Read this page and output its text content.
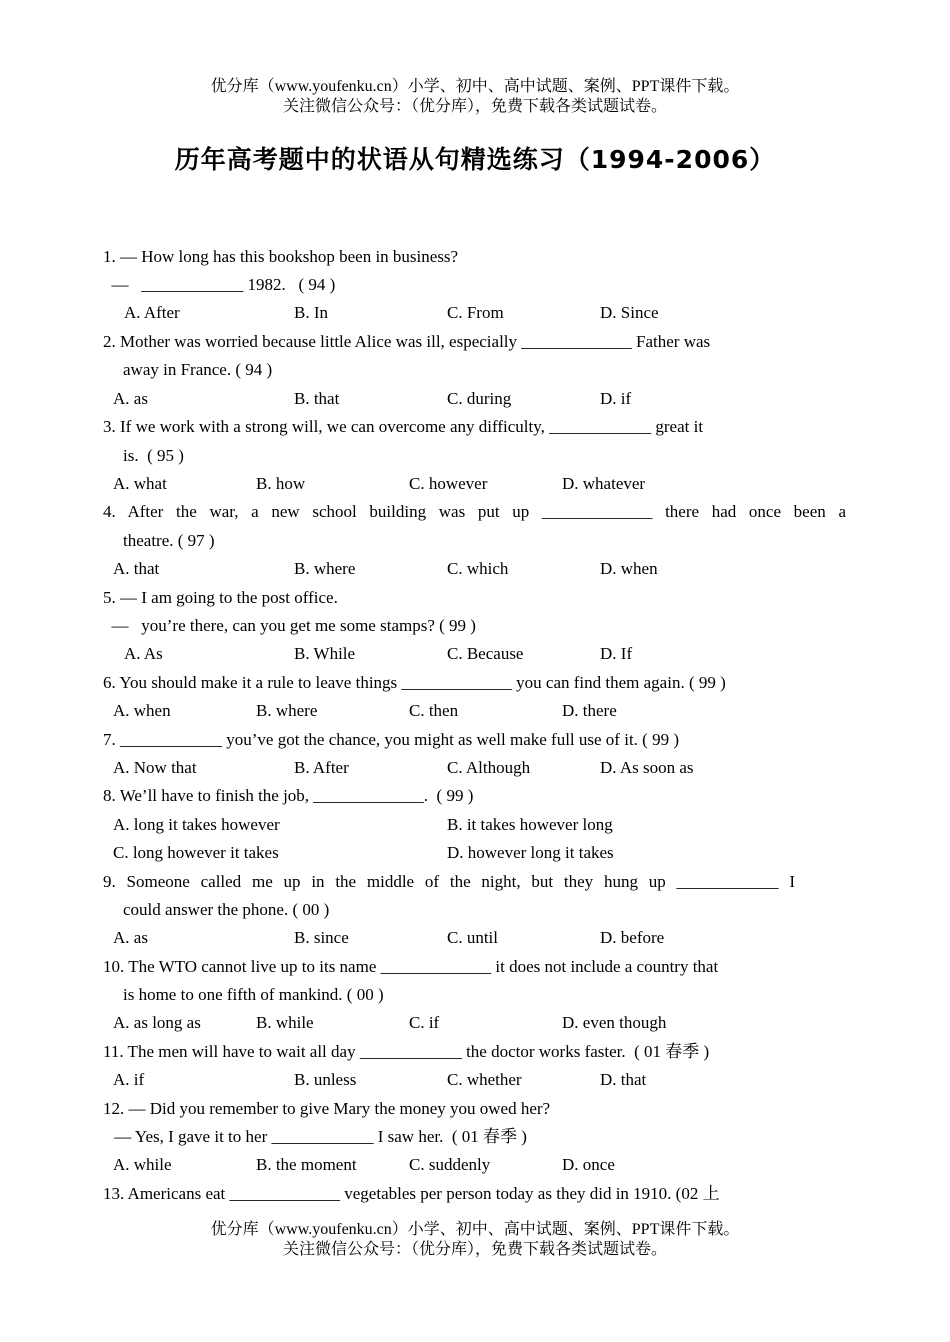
优分库（www.youfenku.cn）小学、初中、高中试题、案例、PPT课件下载。
关注微信公众号：（优分库），免费下载各类试题试卷。
历年高考题中的状语从句精选练习（1994-2006）
1. — How long has this bookshop been in business?
—   ____________ 1982.   ( 94 )
A. After	B. In	C. From	D. Since
2. Mother was worried because little Alice was ill, especially _____________ Father was
away in France. ( 94 )
A. as	B. that	C. during	D. if
3. If we work with a strong will, we can overcome any difficulty, ____________ great it
is.  ( 95 )
A. what	B. how	C. however	D. whatever
4. After the war, a new school building was put up _____________ there had once been a
theatre. ( 97 )
A. that	B. where	C. which	D. when
5. — I am going to the post office.
—   you’re there, can you get me some stamps? ( 99 )
A. As	B. While	C. Because	D. If
6. You should make it a rule to leave things _____________ you can find them again. ( 99 )
A. when	B. where	C. then	D. there
7. ____________ you’ve got the chance, you might as well make full use of it. ( 99 )
A. Now that	B. After	C. Although	D. As soon as
8. We’ll have to finish the job, _____________.  ( 99 )
A. long it takes however	B. it takes however long
C. long however it takes	D. however long it takes
9. Someone called me up in the middle of the night, but they hung up ____________ I
could answer the phone. ( 00 )
A. as	B. since	C. until	D. before
10. The WTO cannot live up to its name _____________ it does not include a country that
is home to one fifth of mankind. ( 00 )
A. as long as	B. while	C. if	D. even though
11. The men will have to wait all day ____________ the doctor works faster.  ( 01 春季 )
A. if	B. unless	C. whether	D. that
12. — Did you remember to give Mary the money you owed her?
— Yes, I gave it to her ____________ I saw her.  ( 01 春季 )
A. while	B. the moment	C. suddenly	D. once
13. Americans eat _____________ vegetables per person today as they did in 1910. (02 上
优分库（www.youfenku.cn）小学、初中、高中试题、案例、PPT课件下载。
关注微信公众号：（优分库），免费下载各类试题试卷。
